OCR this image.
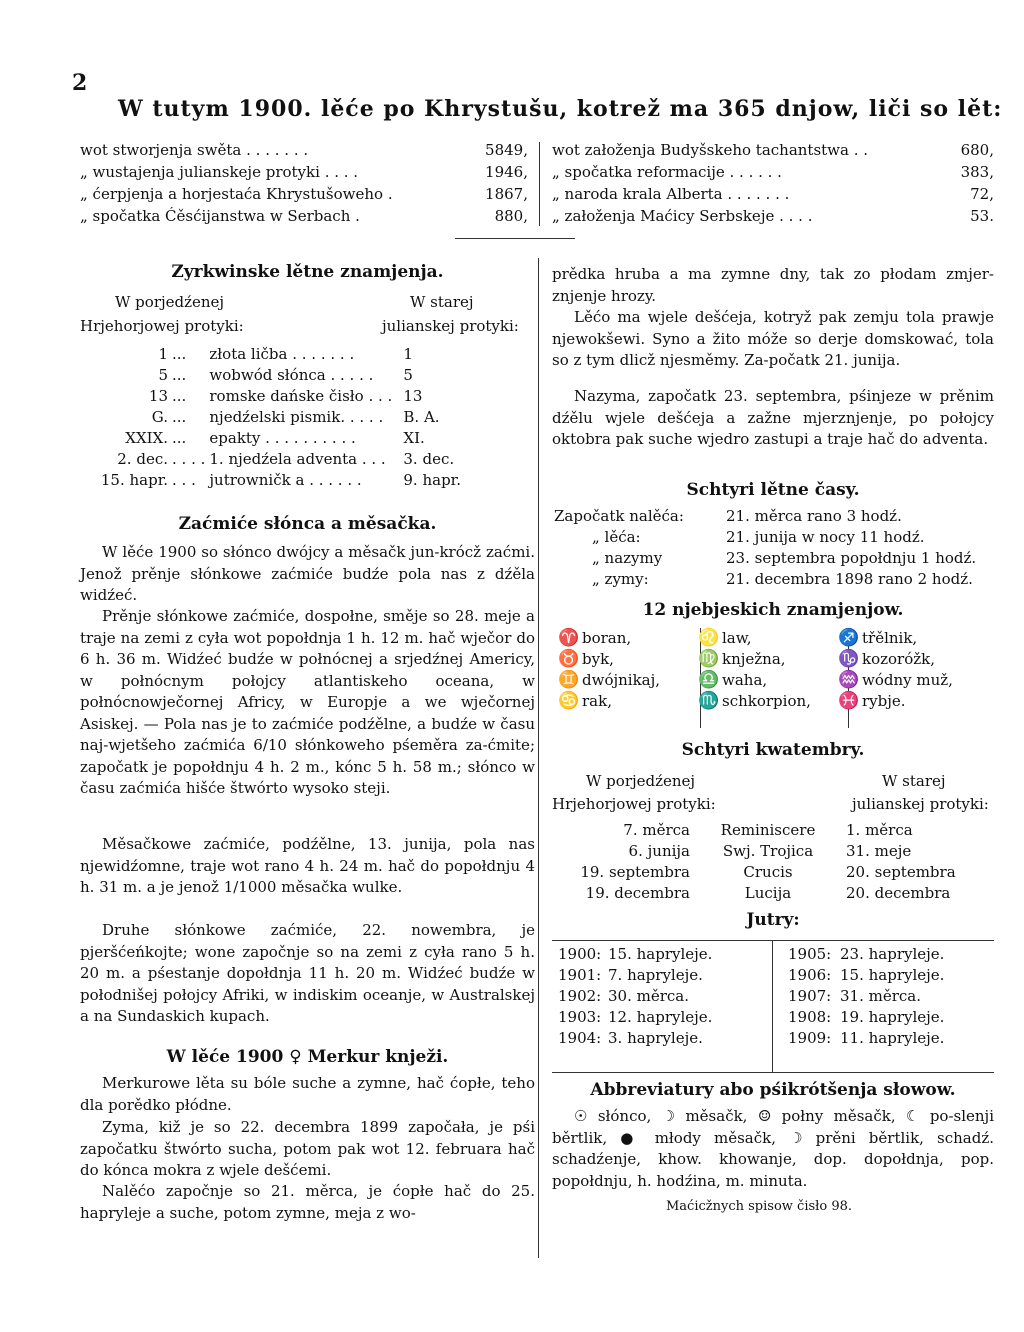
2
W tutym 1900. lěće po Khrystušu, kotrež ma 365 dnjow, liči so lět:
wot stworjenja swěta . . . . . . .	5849,
„ wustajenja julianskeje protyki . . . .	1946,
„ ćerpjenja a horjestaća Khrystušoweho .	1867,
„ spočatka Ćěsćijanstwa w Serbach .	880,
wot załoženja Budyšskeho tachantstwa . .	680,
„ spočatka reformacije . . . . . .	383,
„ naroda krala Alberta . . . . . . .	72,
„ załoženja Maćicy Serbskeje . . . .	53.
Zyrkwinske lětne znamjenja.
W porjedźenej
Hrjehorjowej protyki:
W starej
julianskej protyki:
1	...	złota ličba . . . . . . .	1
5	...	wobwód słónca . . . . .	5
13	...	romske dańske čisło . . .	13
G.	...	njedźelski pismik. . . . .	B. A.
XXIX.	...	epakty . . . . . . . . . .	XI.
2. dec.	. . . .	1. njedźela adventa . . .	3. dec.
15. hapr.	. . .	jutrowničk a . . . . . .	9. hapr.
Zaćmiće słónca a měsačka.
W lěće 1900 so słónco dwójcy a měsačk jun-krócž zaćmi. Jenož prěnje słónkowe zaćmiće budźe pola nas z dźěla widźeć.
Prěnje słónkowe zaćmiće, dospołne, směje so 28. meje a traje na zemi z cyła wot popołdnja 1 h. 12 m. hač wječor do 6 h. 36 m. Widźeć budźe w połnócnej a srjedźnej Americy, w połnócnym połojcy atlantiskeho oceana, w połnócnowječornej Africy, w Europje a we wječornej Asiskej. — Pola nas je to zaćmiće podźělne, a budźe w času naj-wjetšeho zaćmića 6/10 słónkoweho pśeměra za-ćmite; započatk je popołdnju 4 h. 2 m., kónc 5 h. 58 m.; słónco w času zaćmića hišće štwórto wysoko steji.
Měsačkowe zaćmiće, podźělne, 13. junija, pola nas njewidźomne, traje wot rano 4 h. 24 m. hač do popołdnju 4 h. 31 m. a je jenož 1/1000 měsačka wulke.
Druhe słónkowe zaćmiće, 22. nowembra, je pjeršćeńkojte; wone započnje so na zemi z cyła rano 5 h. 20 m. a pśestanje dopołdnja 11 h. 20 m. Widźeć budźe w połodnišej połojcy Afriki, w indiskim oceanje, w Australskej a na Sundaskich kupach.
W lěće 1900 ♀ Merkur knježi.
Merkurowe lěta su bóle suche a zymne, hač ćopłe, teho dla porědko płódne.
Zyma, kiž je so 22. decembra 1899 započała, je pśi započatku štwórto sucha, potom pak wot 12. februara hač do kónca mokra z wjele dešćemi.
Nalěćo započnje so 21. měrca, je ćopłe hač do 25. hapryleje a suche, potom zymne, meja z wo-
prědka hruba a ma zymne dny, tak zo płodam zmjer-znjenje hrozy.
Lěćo ma wjele dešćeja, kotryž pak zemju tola prawje njewokšewi. Syno a žito móže so derje domskować, tola so z tym dlicž njesměmy. Za-počatk 21. junija.
Nazyma, započatk 23. septembra, pśinjeze w prěnim dźělu wjele dešćeja a zažne mjerznjenje, po połojcy oktobra pak suche wjedro zastupi a traje hač do adventa.
Schtyri lětne časy.
Započatk nalěća:	21. měrca rano 3 hodź.
„ lěća:	21. junija w nocy 11 hodź.
„ nazymy	23. septembra popołdnju 1 hodź.
„ zymy:	21. decembra 1898 rano 2 hodź.
12 njebjeskich znamjenjow.
♈	boran,	♌	law,	♐	třělnik,
♉	byk,	♍	knježna,	♑	kozoróžk,
♊	dwójnikaj,	♎	waha,	♒	wódny muž,
♋	rak,	♏	schkorpion,	♓	rybje.
Schtyri kwatembry.
W porjedźenej
Hrjehorjowej protyki:
W starej
julianskej protyki:
7. měrca	Reminiscere	1. měrca
6. junija	Swj. Trojica	31. meje
19. septembra	Crucis	20. septembra
19. decembra	Lucija	20. decembra
Jutry:
1900:	15. hapryleje.	1905:	23. hapryleje.
1901:	7. hapryleje.	1906:	15. hapryleje.
1902:	30. měrca.	1907:	31. měrca.
1903:	12. hapryleje.	1908:	19. hapryleje.
1904:	3. hapryleje.	1909:	11. hapryleje.
Abbreviatury abo pśikrótšenja słowow.
☉ słónco, ☽ měsačk, ☺ połny měsačk, ☾ po-slenji běrtlik, ● młody měsačk, ☽ prěni běrtlik, schadź. schadźenje, khow. khowanje, dop. dopołdnja, pop. popołdnju, h. hodźina, m. minuta.
Maćicžnych spisow čisło 98.
